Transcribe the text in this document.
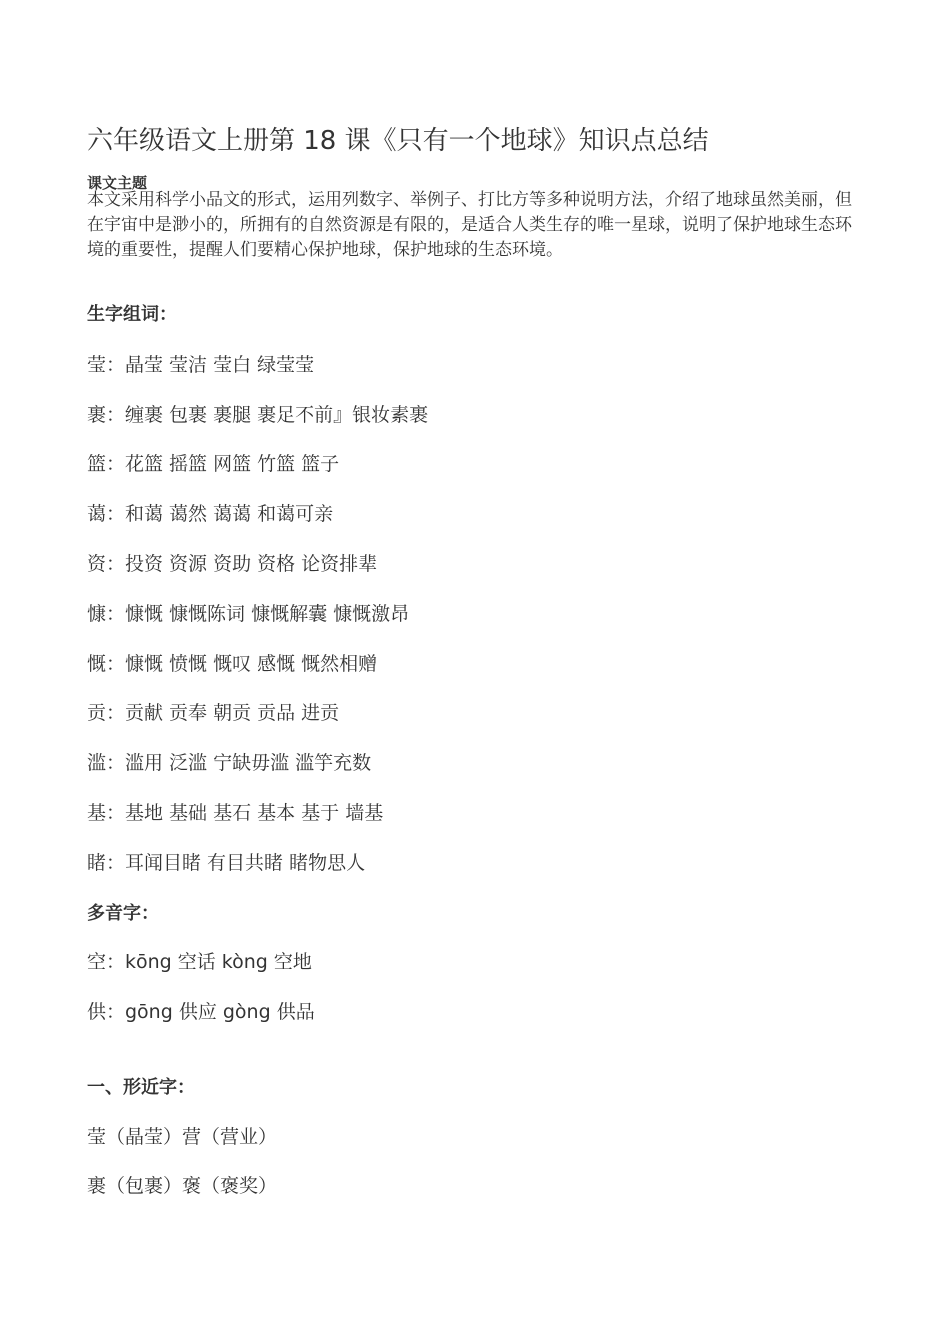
六年级语文上册第 18 课《只有一个地球》知识点总结
课文主题

本文采用科学小品文的形式，运用列数字、举例子、打比方等多种说明方法，介绍了地球虽然美丽，但在宇宙中是渺小的，所拥有的自然资源是有限的，是适合人类生存的唯一星球，说明了保护地球生态环境的重要性，提醒人们要精心保护地球，保护地球的生态环境。

生字组词：
莹：晶莹 莹洁 莹白 绿莹莹
裹：缠裹 包裹 裹腿 裹足不前』银妆素裹
篮：花篮 摇篮 网篮 竹篮 篮子
蔼：和蔼 蔼然 蔼蔼 和蔼可亲
资：投资 资源 资助 资格 论资排辈
慷：慷慨 慷慨陈词 慷慨解囊 慷慨激昂
慨：慷慨 愤慨 慨叹 感慨 慨然相赠
贡：贡献 贡奉 朝贡 贡品 进贡
滥：滥用 泛滥 宁缺毋滥 滥竽充数
基：基地 基础 基石 基本 基于 墙基
睹：耳闻目睹 有目共睹 睹物思人
多音字：
空：kōng 空话 kòng 空地
供：gōng 供应 gòng 供品
一、形近字：
莹（晶莹）营（营业）
裹（包裹）褒（褒奖）
